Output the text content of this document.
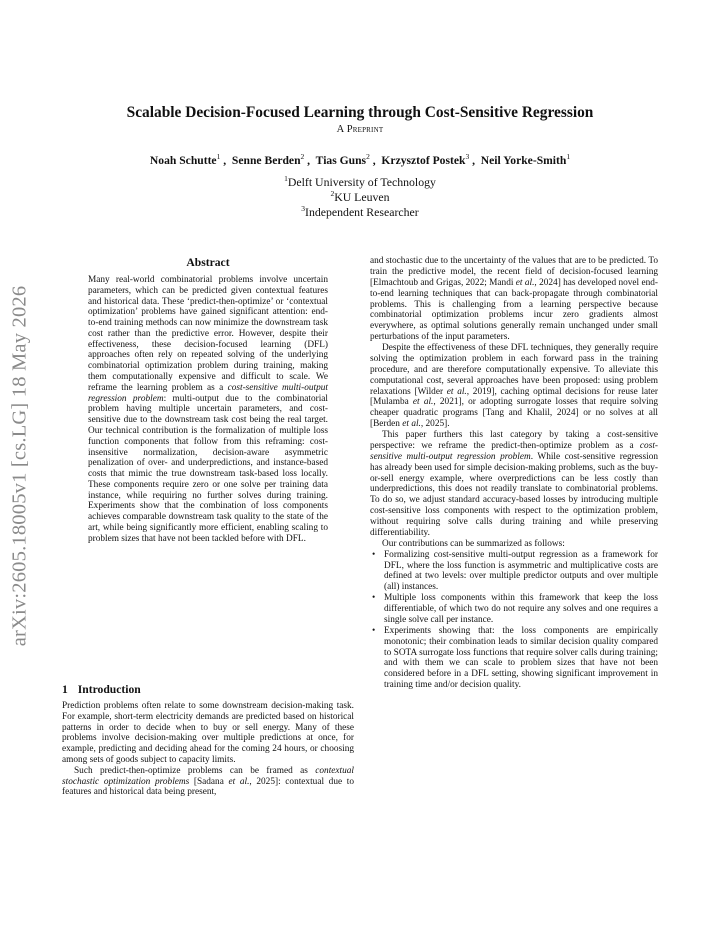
arXiv:2605.18005v1 [cs.LG] 18 May 2026
Scalable Decision-Focused Learning through Cost-Sensitive Regression
A Preprint
Noah Schutte$^1$ ,  Senne Berden$^2$ ,  Tias Guns$^2$ ,  Krzysztof Postek$^3$ ,  Neil Yorke-Smith$^1$
$^1$Delft University of Technology
$^2$KU Leuven
$^3$Independent Researcher
Abstract
Many real-world combinatorial problems involve uncertain parameters, which can be predicted given contextual features and historical data. These ‘predict-then-optimize’ or ‘contextual optimization’ problems have gained significant attention: end-to-end training methods can now minimize the downstream task cost rather than the predictive error. However, despite their effectiveness, these decision-focused learning (DFL) approaches often rely on repeated solving of the underlying combinatorial optimization problem during training, making them computationally expensive and difficult to scale. We reframe the learning problem as a cost-sensitive multi-output regression problem: multi-output due to the combinatorial problem having multiple uncertain parameters, and cost-sensitive due to the downstream task cost being the real target. Our technical contribution is the formalization of multiple loss function components that follow from this reframing: cost-insensitive normalization, decision-aware asymmetric penalization of over- and underpredictions, and instance-based costs that mimic the true downstream task-based loss locally. These components require zero or one solve per training data instance, while requiring no further solves during training. Experiments show that the combination of loss components achieves comparable downstream task quality to the state of the art, while being significantly more efficient, enabling scaling to problem sizes that have not been tackled before with DFL.
1 Introduction

Prediction problems often relate to some downstream decision-making task. For example, short-term electricity demands are predicted based on historical patterns in order to decide when to buy or sell energy. Many of these problems involve decision-making over multiple predictions at once, for example, predicting and deciding ahead for the coming 24 hours, or choosing among sets of goods subject to capacity limits.

Such predict-then-optimize problems can be framed as contextual stochastic optimization problems [Sadana et al., 2025]: contextual due to features and historical data being present,

and stochastic due to the uncertainty of the values that are to be predicted. To train the predictive model, the recent field of decision-focused learning [Elmachtoub and Grigas, 2022; Mandi et al., 2024] has developed novel end-to-end learning techniques that can back-propagate through combinatorial problems. This is challenging from a learning perspective because combinatorial optimization problems incur zero gradients almost everywhere, as optimal solutions generally remain unchanged under small perturbations of the input parameters.

Despite the effectiveness of these DFL techniques, they generally require solving the optimization problem in each forward pass in the training procedure, and are therefore computationally expensive. To alleviate this computational cost, several approaches have been proposed: using problem relaxations [Wilder et al., 2019], caching optimal decisions for reuse later [Mulamba et al., 2021], or adopting surrogate losses that require solving cheaper quadratic programs [Tang and Khalil, 2024] or no solves at all [Berden et al., 2025].

This paper furthers this last category by taking a cost-sensitive perspective: we reframe the predict-then-optimize problem as a cost-sensitive multi-output regression problem. While cost-sensitive regression has already been used for simple decision-making problems, such as the buy-or-sell energy example, where overpredictions can be less costly than underpredictions, this does not readily translate to combinatorial problems. To do so, we adjust standard accuracy-based losses by introducing multiple cost-sensitive loss components with respect to the optimization problem, without requiring solve calls during training and while preserving differentiability.

Our contributions can be summarized as follows:

• Formalizing cost-sensitive multi-output regression as a framework for DFL, where the loss function is asymmetric and multiplicative costs are defined at two levels: over multiple predictor outputs and over multiple (all) instances.
• Multiple loss components within this framework that keep the loss differentiable, of which two do not require any solves and one requires a single solve call per instance.
• Experiments showing that: the loss components are empirically monotonic; their combination leads to similar decision quality compared to SOTA surrogate loss functions that require solver calls during training; and with them we can scale to problem sizes that have not been considered before in a DFL setting, showing significant improvement in training time and/or decision quality.
